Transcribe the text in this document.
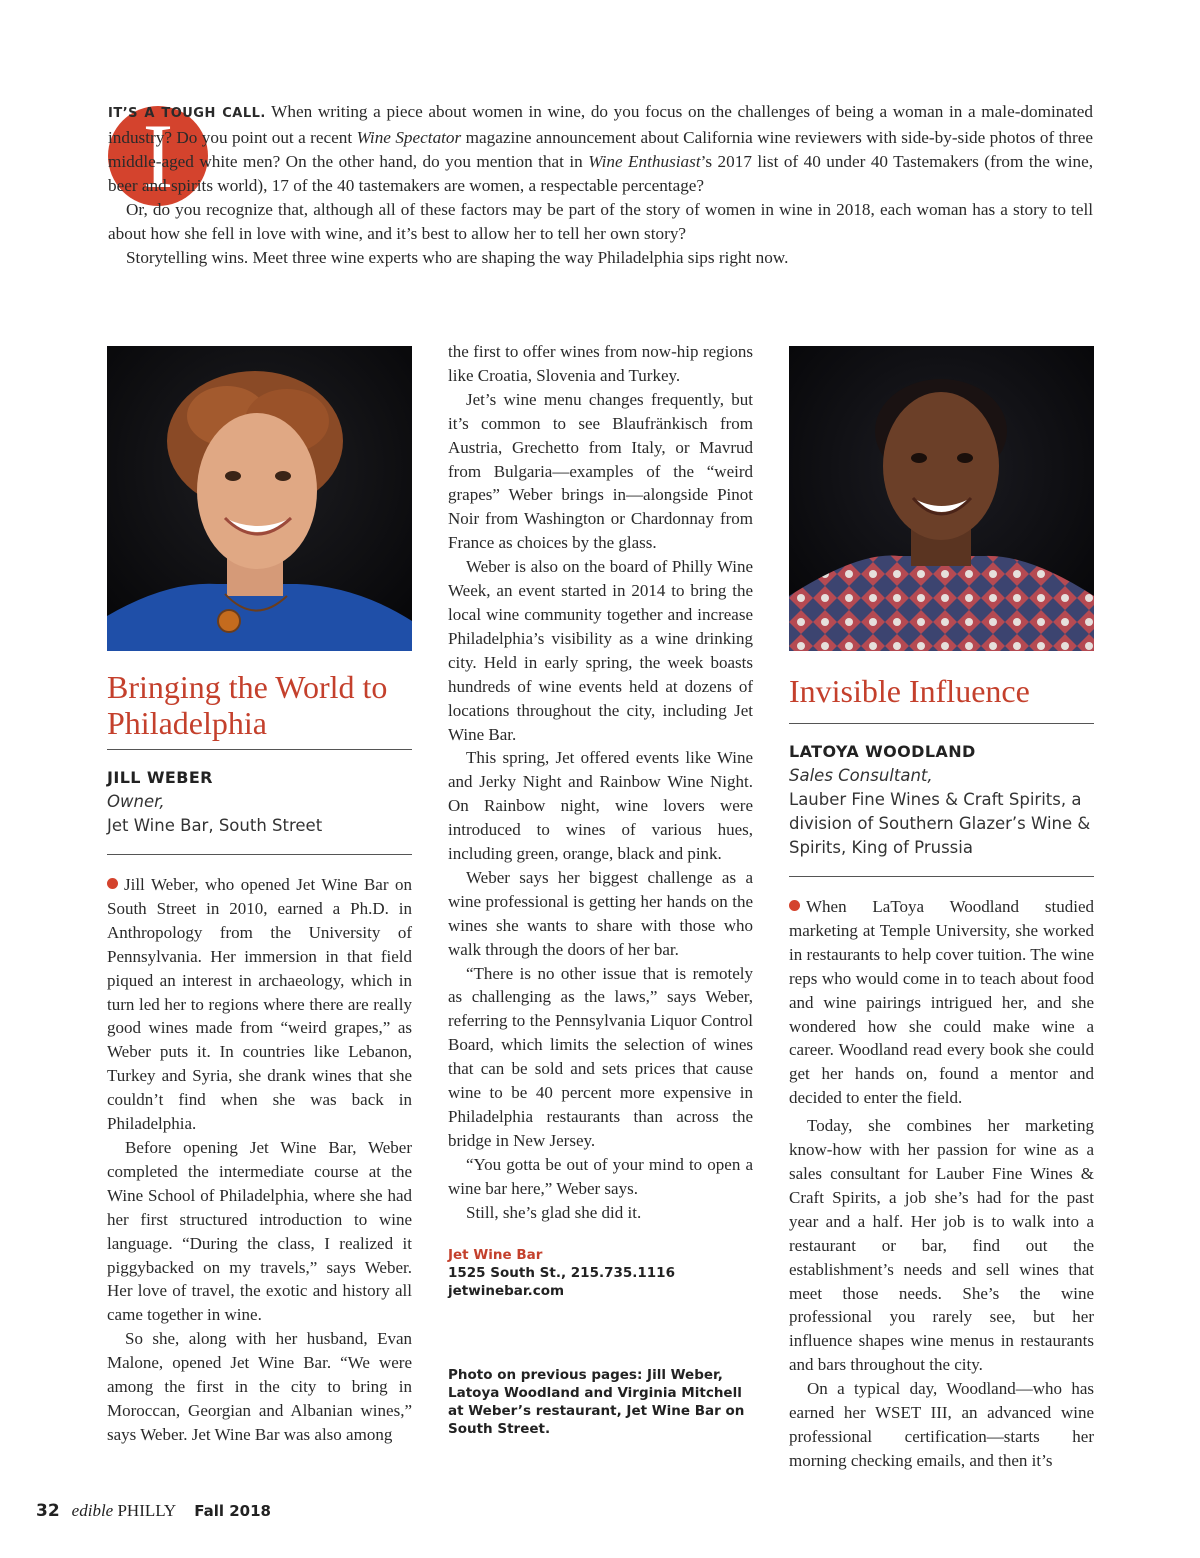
I

IT’S A TOUGH CALL. When writing a piece about women in wine, do you focus on the challenges of being a woman in a male-dominated industry? Do you point out a recent Wine Spectator magazine announcement about California wine reviewers with side-by-side photos of three middle-aged white men? On the other hand, do you mention that in Wine Enthusiast’s 2017 list of 40 under 40 Tastemakers (from the wine, beer and spirits world), 17 of the 40 tastemakers are women, a respectable percentage?

Or, do you recognize that, although all of these factors may be part of the story of women in wine in 2018, each woman has a story to tell about how she fell in love with wine, and it’s best to allow her to tell her own story?

Storytelling wins. Meet three wine experts who are shaping the way Philadelphia sips right now.

Bringing the World to Philadelphia
JILL WEBER
Owner,
Jet Wine Bar, South Street

Jill Weber, who opened Jet Wine Bar on South Street in 2010, earned a Ph.D. in Anthropology from the University of Pennsylvania. Her immersion in that field piqued an interest in archaeology, which in turn led her to regions where there are really good wines made from “weird grapes,” as Weber puts it. In countries like Lebanon, Turkey and Syria, she drank wines that she couldn’t find when she was back in Philadelphia.

Before opening Jet Wine Bar, Weber completed the intermediate course at the Wine School of Philadelphia, where she had her first structured introduction to wine language. “During the class, I realized it piggybacked on my travels,” says Weber. Her love of travel, the exotic and history all came together in wine.

So she, along with her husband, Evan Malone, opened Jet Wine Bar. “We were among the first in the city to bring in Moroccan, Georgian and Albanian wines,” says Weber. Jet Wine Bar was also among

the first to offer wines from now-hip regions like Croatia, Slovenia and Turkey.

Jet’s wine menu changes frequently, but it’s common to see Blaufränkisch from Austria, Grechetto from Italy, or Mavrud from Bulgaria—examples of the “weird grapes” Weber brings in—alongside Pinot Noir from Washington or Chardonnay from France as choices by the glass.

Weber is also on the board of Philly Wine Week, an event started in 2014 to bring the local wine community together and increase Philadelphia’s visibility as a wine drinking city. Held in early spring, the week boasts hundreds of wine events held at dozens of locations throughout the city, including Jet Wine Bar.

This spring, Jet offered events like Wine and Jerky Night and Rainbow Wine Night. On Rainbow night, wine lovers were introduced to wines of various hues, including green, orange, black and pink.

Weber says her biggest challenge as a wine professional is getting her hands on the wines she wants to share with those who walk through the doors of her bar.

“There is no other issue that is remotely as challenging as the laws,” says Weber, referring to the Pennsylvania Liquor Control Board, which limits the selection of wines that can be sold and sets prices that cause wine to be 40 percent more expensive in Philadelphia restaurants than across the bridge in New Jersey.

“You gotta be out of your mind to open a wine bar here,” Weber says.

Still, she’s glad she did it.

Jet Wine Bar
1525 South St., 215.735.1116
jetwinebar.com
Photo on previous pages: Jill Weber, Latoya Woodland and Virginia Mitchell at Weber’s restaurant, Jet Wine Bar on South Street.
Invisible Influence
LATOYA WOODLAND
Sales Consultant,
Lauber Fine Wines & Craft Spirits, a division of Southern Glazer’s Wine & Spirits, King of Prussia

When LaToya Woodland studied marketing at Temple University, she worked in restaurants to help cover tuition. The wine reps who would come in to teach about food and wine pairings intrigued her, and she wondered how she could make wine a career. Woodland read every book she could get her hands on, found a mentor and decided to enter the field.

Today, she combines her marketing know-how with her passion for wine as a sales consultant for Lauber Fine Wines & Craft Spirits, a job she’s had for the past year and a half. Her job is to walk into a restaurant or bar, find out the establishment’s needs and sell wines that meet those needs. She’s the wine professional you rarely see, but her influence shapes wine menus in restaurants and bars throughout the city.

On a typical day, Woodland—who has earned her WSET III, an advanced wine professional certification—starts her morning checking emails, and then it’s

32 edible PHILLY Fall 2018
